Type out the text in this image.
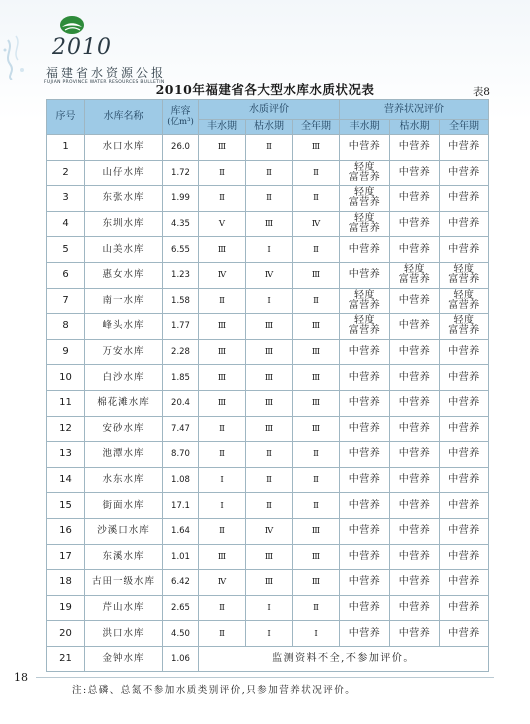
2010
福建省水资源公报
FUJIAN PROVINCE WATER RESOURCES BULLETIN
2010年福建省各大型水库水质状况表	表8
序号	水库名称	库容
(亿m³)	水质评价			营养状况评价		
			丰水期	枯水期	全年期	丰水期	枯水期	全年期
1	水口水库	26.0	Ⅲ	Ⅱ	Ⅲ	中营养	中营养	中营养
2	山仔水库	1.72	Ⅱ	Ⅱ	Ⅱ	轻度
富营养	中营养	中营养
3	东张水库	1.99	Ⅱ	Ⅱ	Ⅱ	轻度
富营养	中营养	中营养
4	东圳水库	4.35	Ⅴ	Ⅲ	Ⅳ	轻度
富营养	中营养	中营养
5	山美水库	6.55	Ⅲ	Ⅰ	Ⅱ	中营养	中营养	中营养
6	惠女水库	1.23	Ⅳ	Ⅳ	Ⅲ	中营养	轻度
富营养	轻度
富营养
7	南一水库	1.58	Ⅱ	Ⅰ	Ⅱ	轻度
富营养	中营养	轻度
富营养
8	峰头水库	1.77	Ⅲ	Ⅲ	Ⅲ	轻度
富营养	中营养	轻度
富营养
9	万安水库	2.28	Ⅲ	Ⅲ	Ⅲ	中营养	中营养	中营养
10	白沙水库	1.85	Ⅲ	Ⅲ	Ⅲ	中营养	中营养	中营养
11	棉花滩水库	20.4	Ⅲ	Ⅲ	Ⅲ	中营养	中营养	中营养
12	安砂水库	7.47	Ⅱ	Ⅲ	Ⅲ	中营养	中营养	中营养
13	池潭水库	8.70	Ⅱ	Ⅱ	Ⅱ	中营养	中营养	中营养
14	水东水库	1.08	Ⅰ	Ⅱ	Ⅱ	中营养	中营养	中营养
15	街面水库	17.1	Ⅰ	Ⅱ	Ⅱ	中营养	中营养	中营养
16	沙溪口水库	1.64	Ⅱ	Ⅳ	Ⅲ	中营养	中营养	中营养
17	东溪水库	1.01	Ⅲ	Ⅲ	Ⅲ	中营养	中营养	中营养
18	古田一级水库	6.42	Ⅳ	Ⅲ	Ⅲ	中营养	中营养	中营养
19	芹山水库	2.65	Ⅱ	Ⅰ	Ⅱ	中营养	中营养	中营养
20	洪口水库	4.50	Ⅱ	Ⅰ	Ⅰ	中营养	中营养	中营养
21	金钟水库	1.06	监测资料不全,不参加评价。					
18
注:总磷、总氮不参加水质类别评价,只参加营养状况评价。
